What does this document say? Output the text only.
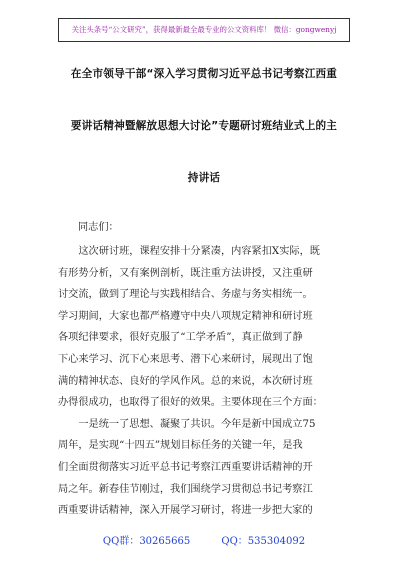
关注头条号“公文研究”，获得最新最全最专业的公文资料库！ 微信：gongwenyj
在全市领导干部“深入学习贯彻习近平总书记考察江西重
要讲话精神暨解放思想大讨论”专题研讨班结业式上的主
持讲话
同志们：
　　这次研讨班，课程安排十分紧凑，内容紧扣X实际，既
有形势分析，又有案例剖析，既注重方法讲授，又注重研
讨交流，做到了理论与实践相结合、务虚与务实相统一。
学习期间，大家也都严格遵守中央八项规定精神和研讨班
各项纪律要求，很好克服了“工学矛盾”，真正做到了静
下心来学习、沉下心来思考、潜下心来研讨，展现出了饱
满的精神状态、良好的学风作风。总的来说，本次研讨班
办得很成功，也取得了很好的效果。主要体现在三个方面：
　　一是统一了思想、凝聚了共识。今年是新中国成立75
周年，是实现“十四五”规划目标任务的关键一年，是我
们全面贯彻落实习近平总书记考察江西重要讲话精神的开
局之年。新春佳节刚过，我们围绕学习贯彻总书记考察江
西重要讲话精神，深入开展学习研讨，将进一步把大家的
QQ群：30265665	QQ：535304092
